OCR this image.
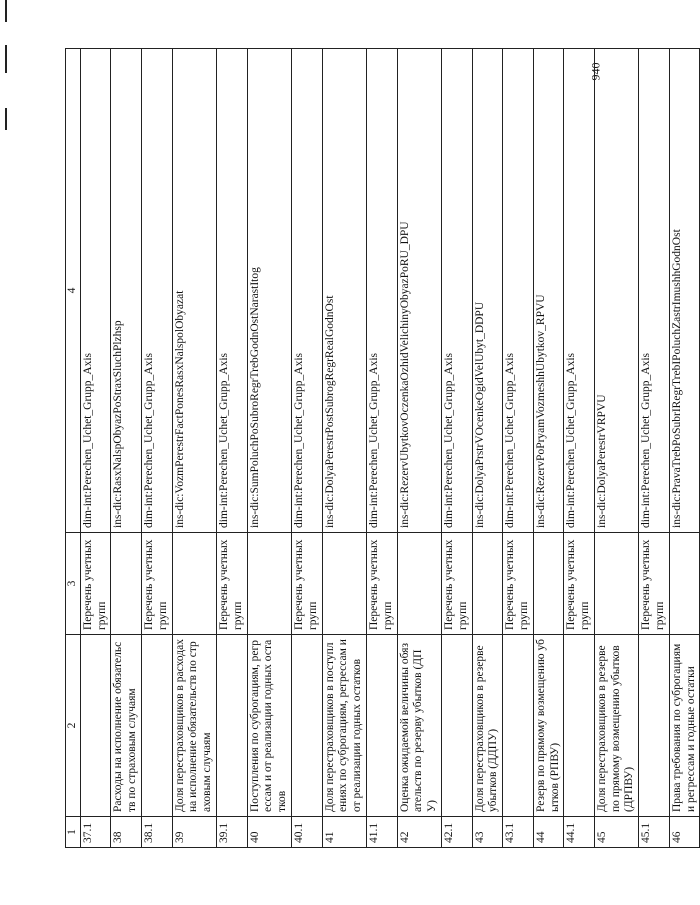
940
1	2	3	4
37.1		Перечень учетных групп	dim-int:Perechen_Uchet_Grupp_Axis
38	Расходы на исполнение обязательств по страховым случаям		ins-dic:RasxNalspObyazPoStraxSluchPlzhsp
38.1		Перечень учетных групп	dim-int:Perechen_Uchet_Grupp_Axis
39	Доля перестраховщиков в расходах на исполнение обязательств по страховым случаям		ins-dic:VozmPerestrFactPonesRasxNalspolObyazat
39.1		Перечень учетных групп	dim-int:Perechen_Uchet_Grupp_Axis
40	Поступления по суброгациям, регрессам и от реализации годных остатков		ins-dic:SumPoluchPoSubroRegrTrebGodnOstNarastItog
40.1		Перечень учетных групп	dim-int:Perechen_Uchet_Grupp_Axis
41	Доля перестраховщиков в поступлениях по суброгациям, регрессам и от реализации годных остатков		ins-dic:DolyaPerestrPostSubrogRegrRealGodnOst
41.1		Перечень учетных групп	dim-int:Perechen_Uchet_Grupp_Axis
42	Оценка ожидаемой величины обязательств по резерву убытков (ДПУ)		ins-dic:RezervUbytkovOczenkaOzhidVelichinyObyazPoRU_DPU
42.1		Перечень учетных групп	dim-int:Perechen_Uchet_Grupp_Axis
43	Доля перестраховщиков в резерве убытков (ДДПУ)		ins-dic:DolyaPrstrVOcenkeOgidVelUbyt_DDPU
43.1		Перечень учетных групп	dim-int:Perechen_Uchet_Grupp_Axis
44	Резерв по прямому возмещению убытков (РПВУ)		ins-dic:RezervPoPryamVozmeshhUbytkov_RPVU
44.1		Перечень учетных групп	dim-int:Perechen_Uchet_Grupp_Axis
45	Доля перестраховщиков в резерве по прямому возмещению убытков (ДРПВУ)		ins-dic:DolyaPerestrVRPVU
45.1		Перечень учетных групп	dim-int:Perechen_Uchet_Grupp_Axis
46	Права требования по суброгациям и регрессам и годные остатки		ins-dic:PravaTrebPoSubrIRegrTrebIPoluchZastrImushhGodnOst
